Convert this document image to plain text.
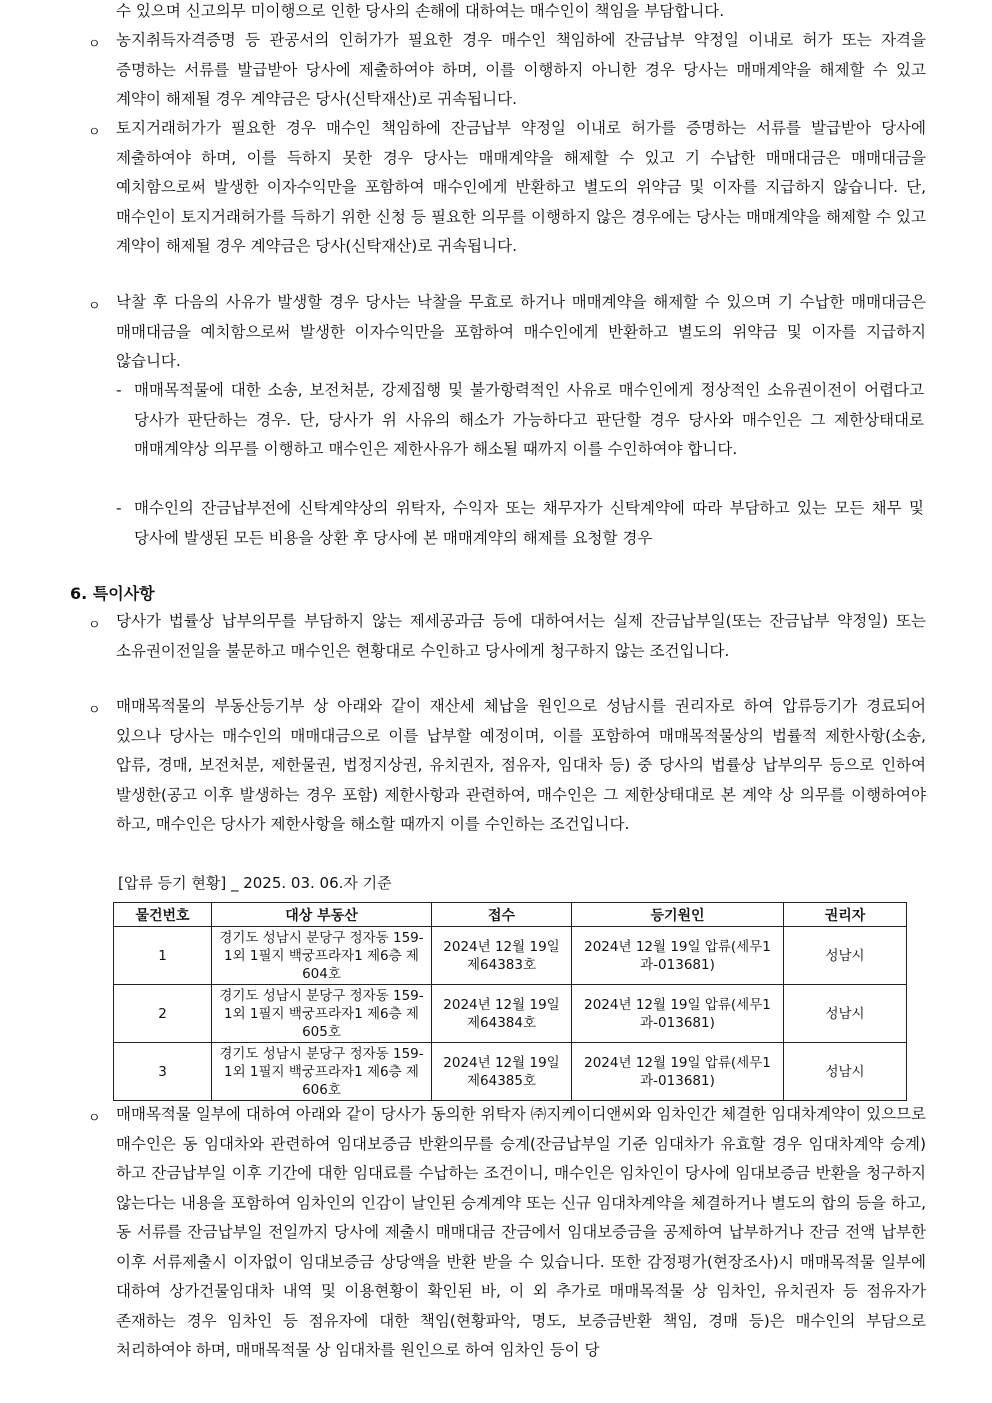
수 있으며 신고의무 미이행으로 인한 당사의 손해에 대하여는 매수인이 책임을 부담합니다.
ㅇ 농지취득자격증명 등 관공서의 인허가가 필요한 경우 매수인 책임하에 잔금납부 약정일 이내로 허가 또는 자격을 증명하는 서류를 발급받아 당사에 제출하여야 하며, 이를 이행하지 아니한 경우 당사는 매매계약을 해제할 수 있고 계약이 해제될 경우 계약금은 당사(신탁재산)로 귀속됩니다.
ㅇ 토지거래허가가 필요한 경우 매수인 책임하에 잔금납부 약정일 이내로 허가를 증명하는 서류를 발급받아 당사에 제출하여야 하며, 이를 득하지 못한 경우 당사는 매매계약을 해제할 수 있고 기 수납한 매매대금은 매매대금을 예치함으로써 발생한 이자수익만을 포함하여 매수인에게 반환하고 별도의 위약금 및 이자를 지급하지 않습니다. 단, 매수인이 토지거래허가를 득하기 위한 신청 등 필요한 의무를 이행하지 않은 경우에는 당사는 매매계약을 해제할 수 있고 계약이 해제될 경우 계약금은 당사(신탁재산)로 귀속됩니다.
ㅇ 낙찰 후 다음의 사유가 발생할 경우 당사는 낙찰을 무효로 하거나 매매계약을 해제할 수 있으며 기 수납한 매매대금은 매매대금을 예치함으로써 발생한 이자수익만을 포함하여 매수인에게 반환하고 별도의 위약금 및 이자를 지급하지 않습니다.
- 매매목적물에 대한 소송, 보전처분, 강제집행 및 불가항력적인 사유로 매수인에게 정상적인 소유권이전이 어렵다고 당사가 판단하는 경우. 단, 당사가 위 사유의 해소가 가능하다고 판단할 경우 당사와 매수인은 그 제한상태대로 매매계약상 의무를 이행하고 매수인은 제한사유가 해소될 때까지 이를 수인하여야 합니다.
- 매수인의 잔금납부전에 신탁계약상의 위탁자, 수익자 또는 채무자가 신탁계약에 따라 부담하고 있는 모든 채무 및 당사에 발생된 모든 비용을 상환 후 당사에 본 매매계약의 해제를 요청할 경우
6. 특이사항
ㅇ 당사가 법률상 납부의무를 부담하지 않는 제세공과금 등에 대하여서는 실제 잔금납부일(또는 잔금납부 약정일) 또는 소유권이전일을 불문하고 매수인은 현황대로 수인하고 당사에게 청구하지 않는 조건입니다.
ㅇ 매매목적물의 부동산등기부 상 아래와 같이 재산세 체납을 원인으로 성남시를 권리자로 하여 압류등기가 경료되어 있으나 당사는 매수인의 매매대금으로 이를 납부할 예정이며, 이를 포함하여 매매목적물상의 법률적 제한사항(소송, 압류, 경매, 보전처분, 제한물권, 법정지상권, 유치권자, 점유자, 임대차 등) 중 당사의 법률상 납부의무 등으로 인하여 발생한(공고 이후 발생하는 경우 포함) 제한사항과 관련하여, 매수인은 그 제한상태대로 본 계약 상 의무를 이행하여야 하고, 매수인은 당사가 제한사항을 해소할 때까지 이를 수인하는 조건입니다.
[압류 등기 현황] _ 2025. 03. 06.자 기준
물건번호	대상 부동산	접수	등기원인	권리자
1	경기도 성남시 분당구 정자동 159-1외 1필지 백궁프라자1 제6층 제604호	2024년 12월 19일 제64383호	2024년 12월 19일 압류(세무1과-013681)	성남시
2	경기도 성남시 분당구 정자동 159-1외 1필지 백궁프라자1 제6층 제605호	2024년 12월 19일 제64384호	2024년 12월 19일 압류(세무1과-013681)	성남시
3	경기도 성남시 분당구 정자동 159-1외 1필지 백궁프라자1 제6층 제606호	2024년 12월 19일 제64385호	2024년 12월 19일 압류(세무1과-013681)	성남시
ㅇ 매매목적물 일부에 대하여 아래와 같이 당사가 동의한 위탁자 ㈜지케이디앤씨와 임차인간 체결한 임대차계약이 있으므로 매수인은 동 임대차와 관련하여 임대보증금 반환의무를 승계(잔금납부일 기준 임대차가 유효할 경우 임대차계약 승계)하고 잔금납부일 이후 기간에 대한 임대료를 수납하는 조건이니, 매수인은 임차인이 당사에 임대보증금 반환을 청구하지 않는다는 내용을 포함하여 임차인의 인감이 날인된 승계계약 또는 신규 임대차계약을 체결하거나 별도의 합의 등을 하고, 동 서류를 잔금납부일 전일까지 당사에 제출시 매매대금 잔금에서 임대보증금을 공제하여 납부하거나 잔금 전액 납부한 이후 서류제출시 이자없이 임대보증금 상당액을 반환 받을 수 있습니다. 또한 감정평가(현장조사)시 매매목적물 일부에 대하여 상가건물임대차 내역 및 이용현황이 확인된 바, 이 외 추가로 매매목적물 상 임차인, 유치권자 등 점유자가 존재하는 경우 임차인 등 점유자에 대한 책임(현황파악, 명도, 보증금반환 책임, 경매 등)은 매수인의 부담으로 처리하여야 하며, 매매목적물 상 임대차를 원인으로 하여 임차인 등이 당
